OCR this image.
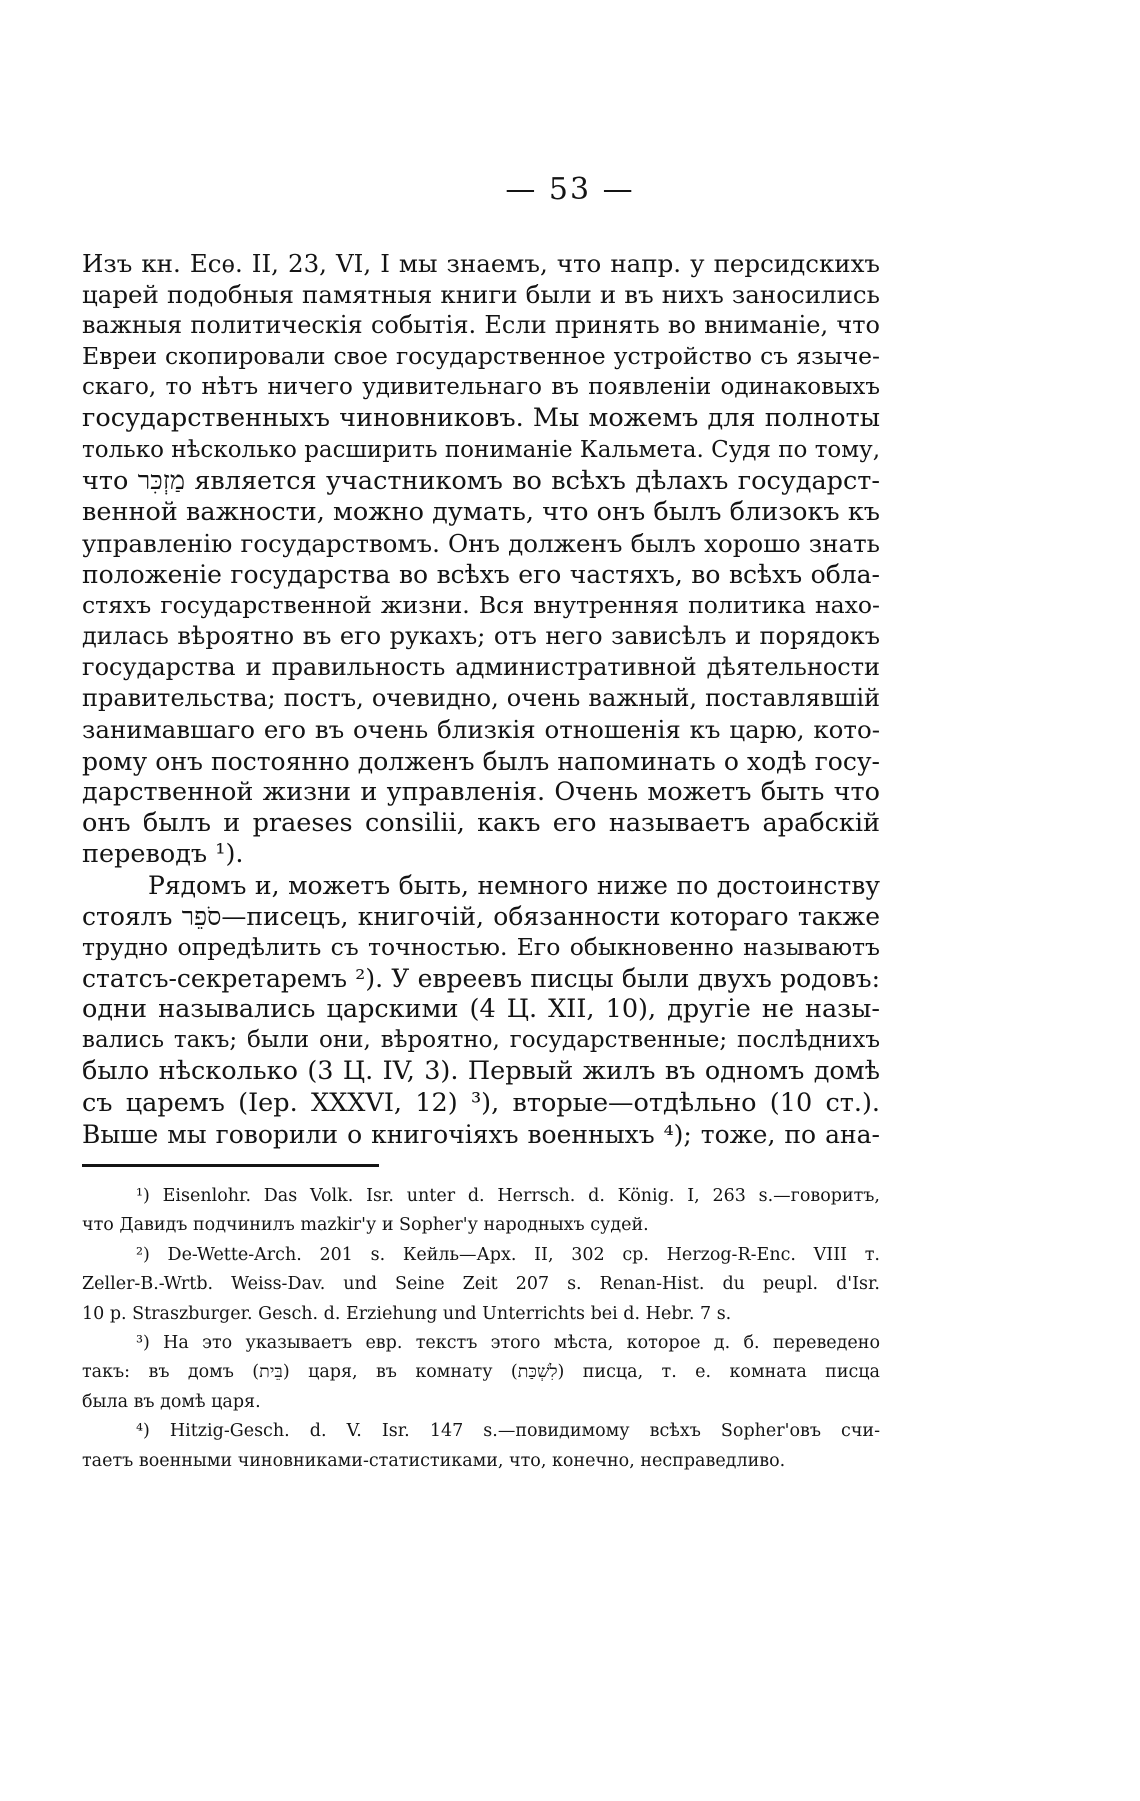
— 53 —
Изъ кн. Есѳ. II, 23, VI, I мы знаемъ, что напр. у персидскихъ
царей подобныя памятныя книги были и въ нихъ заносились
важныя политическія событія. Если принять во вниманіе, что
Евреи скопировали свое государственное устройство съ языче-
скаго, то нѣтъ ничего удивительнаго въ появленіи одинаковыхъ
государственныхъ чиновниковъ. Мы можемъ для полноты
только нѣсколько расширить пониманіе Кальмета. Судя по тому,
что מַזְכִּר является участникомъ во всѣхъ дѣлахъ государст-
венной важности, можно думать, что онъ былъ близокъ къ
управленію государствомъ. Онъ долженъ былъ хорошо знать
положеніе государства во всѣхъ его частяхъ, во всѣхъ обла-
стяхъ государственной жизни. Вся внутренняя политика нахо-
дилась вѣроятно въ его рукахъ; отъ него зависѣлъ и порядокъ
государства и правильность административной дѣятельности
правительства; постъ, очевидно, очень важный, поставлявшій
занимавшаго его въ очень близкія отношенія къ царю, кото-
рому онъ постоянно долженъ былъ напоминать о ходѣ госу-
дарственной жизни и управленія. Очень можетъ быть что
онъ былъ и praeses consilii, какъ его называетъ арабскій
переводъ ¹).
Рядомъ и, можетъ быть, немного ниже по достоинству
стоялъ סֹפֵר—писецъ, книгочій, обязанности котораго также
трудно опредѣлить съ точностью. Его обыкновенно называютъ
статсъ-секретаремъ ²). У евреевъ писцы были двухъ родовъ:
одни назывались царскими (4 Ц. XII, 10), другіе не назы-
вались такъ; были они, вѣроятно, государственные; послѣднихъ
было нѣсколько (3 Ц. IV, 3). Первый жилъ въ одномъ домѣ
съ царемъ (Іер. XXXVI, 12) ³), вторые—отдѣльно (10 ст.).
Выше мы говорили о книгочіяхъ военныхъ ⁴); тоже, по ана-
¹) Eisenlohr. Das Volk. Isr. unter d. Herrsch. d. König. I, 263 s.—говоритъ,
что Давидъ подчинилъ mazkir'у и Sopher'у народныхъ судей.
²) De-Wette-Arch. 201 s. Кейль—Арх. II, 302 ср. Herzog-R-Enc. VIII т.
Zeller-B.-Wrtb. Weiss-Dav. und Seine Zeit 207 s. Renan-Hist. du peupl. d'Isr.
10 p. Straszburger. Gesch. d. Erziehung und Unterrichts bei d. Hebr. 7 s.
³) На это указываетъ евр. текстъ этого мѣста, которое д. б. переведено
такъ: въ домъ (בֵּית) царя, въ комнату (לִשְׁכַּת) писца, т. е. комната писца
была въ домѣ царя.
⁴) Hitzig-Gesch. d. V. Isr. 147 s.—повидимому всѣхъ Sopher'овъ счи-
таетъ военными чиновниками-статистиками, что, конечно, несправедливо.
